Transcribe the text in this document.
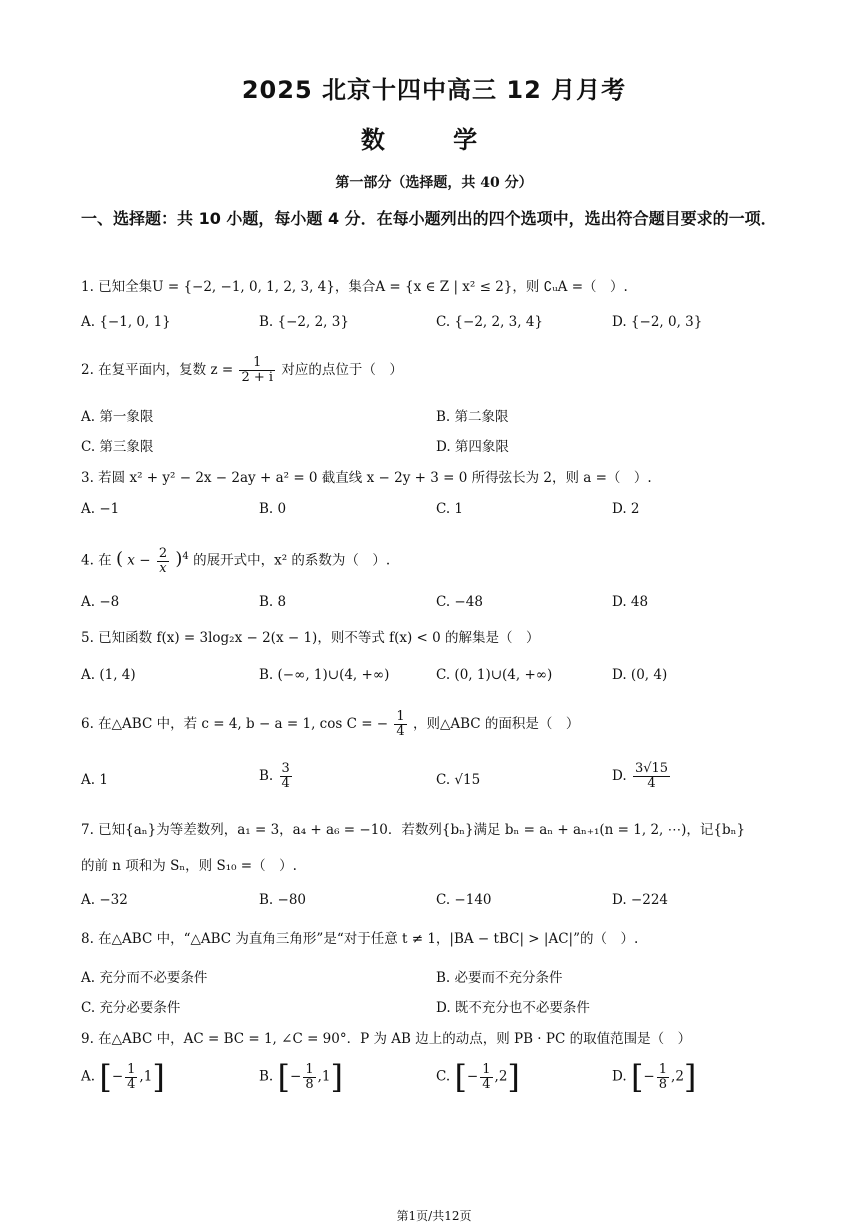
2025 北京十四中高三 12 月月考
数 学
第一部分（选择题，共 40 分）
一、选择题：共 10 小题，每小题 4 分．在每小题列出的四个选项中，选出符合题目要求的一项．
1. 已知全集U = {−2, −1, 0, 1, 2, 3, 4}，集合A = {x ∈ Z | x² ≤ 2}，则 ∁ᵤA =（　）.
A. {−1, 0, 1}	B. {−2, 2, 3}	C. {−2, 2, 3, 4}	D. {−2, 0, 3}
2. 在复平面内，复数 $z = \frac{1}{2 + i}$ 对应的点位于（　）
A. 第一象限	B. 第二象限
C. 第三象限	D. 第四象限
3. 若圆 x² + y² − 2x − 2ay + a² = 0 截直线 x − 2y + 3 = 0 所得弦长为 2，则 a =（　）.
A. −1	B. 0	C. 1	D. 2
4. 在 ( $x - \frac{2}{x} )^4$ 的展开式中，x² 的系数为（　）.
A. −8	B. 8	C. −48	D. 48
5. 已知函数 f(x) = 3log₂x − 2(x − 1)，则不等式 f(x) < 0 的解集是（　）
A. (1, 4)	B. (−∞, 1)∪(4, +∞)	C. (0, 1)∪(4, +∞)	D. (0, 4)
6. 在△ABC 中，若 c = 4, b − a = 1, cos C = − $\frac{1}{4}$ ，则△ABC 的面积是（　）
A. 1	B. $\frac{3}{4}$	C. √15	D. $\frac{3√15}{4}$
7. 已知{aₙ}为等差数列，a₁ = 3，a₄ + a₆ = −10．若数列{bₙ}满足 bₙ = aₙ + aₙ₊₁(n = 1, 2, ⋯)，记{bₙ}
的前 n 项和为 Sₙ，则 S₁₀ =（　）.
A. −32	B. −80	C. −140	D. −224
8. 在△ABC 中，“△ABC 为直角三角形”是“对于任意 t ≠ 1，|BA − tBC| > |AC|”的（　）.
A. 充分而不必要条件	B. 必要而不充分条件
C. 充分必要条件	D. 既不充分也不必要条件
9. 在△ABC 中，AC = BC = 1, ∠C = 90°．P 为 AB 边上的动点，则 PB · PC 的取值范围是（　）
A. [− $\frac{1}{4} ,1$]	B. [− $\frac{1}{8} ,1$]	C. [− $\frac{1}{4} ,2$]	D. [− $\frac{1}{8} ,2$]
第1页/共12页
